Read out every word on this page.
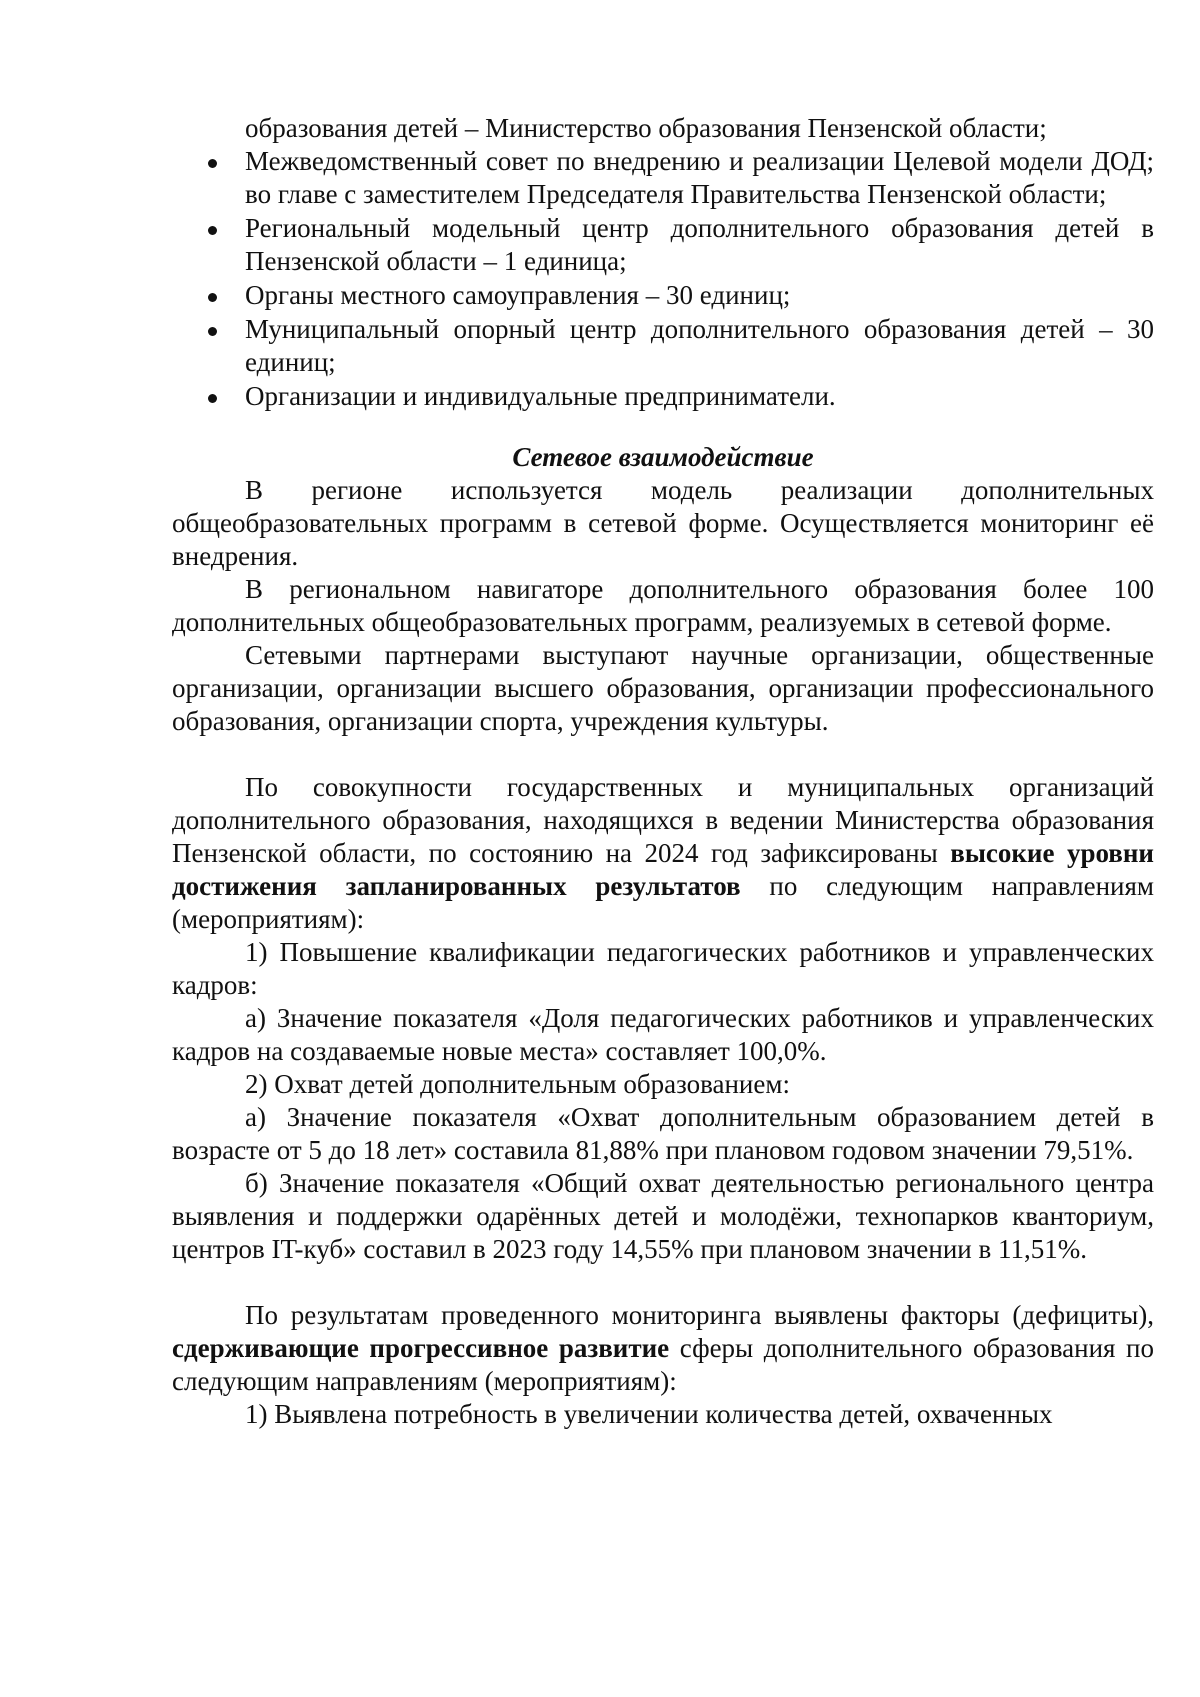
образования детей – Министерство образования Пензенской области;

Межведомственный совет по внедрению и реализации Целевой модели ДОД; во главе с заместителем Председателя Правительства Пензенской области;
Региональный модельный центр дополнительного образования детей в Пензенской области – 1 единица;
Органы местного самоуправления – 30 единиц;
Муниципальный опорный центр дополнительного образования детей – 30 единиц;
Организации и индивидуальные предприниматели.

Сетевое взаимодействие

В регионе используется модель реализации дополнительных общеобразовательных программ в сетевой форме. Осуществляется мониторинг её внедрения.

В региональном навигаторе дополнительного образования более 100 дополнительных общеобразовательных программ, реализуемых в сетевой форме.

Сетевыми партнерами выступают научные организации, общественные организации, организации высшего образования, организации профессионального образования, организации спорта, учреждения культуры.

По совокупности государственных и муниципальных организаций дополнительного образования, находящихся в ведении Министерства образования Пензенской области, по состоянию на 2024 год зафиксированы высокие уровни достижения запланированных результатов по следующим направлениям (мероприятиям):

1) Повышение квалификации педагогических работников и управленческих кадров:

а) Значение показателя «Доля педагогических работников и управленческих кадров на создаваемые новые места» составляет 100,0%.

2) Охват детей дополнительным образованием:

а) Значение показателя «Охват дополнительным образованием детей в возрасте от 5 до 18 лет» составила 81,88% при плановом годовом значении 79,51%.

б) Значение показателя «Общий охват деятельностью регионального центра выявления и поддержки одарённых детей и молодёжи, технопарков кванториум, центров IT-куб» составил в 2023 году 14,55% при плановом значении в 11,51%.

По результатам проведенного мониторинга выявлены факторы (дефициты), сдерживающие прогрессивное развитие сферы дополнительного образования по следующим направлениям (мероприятиям):

1) Выявлена потребность в увеличении количества детей, охваченных
